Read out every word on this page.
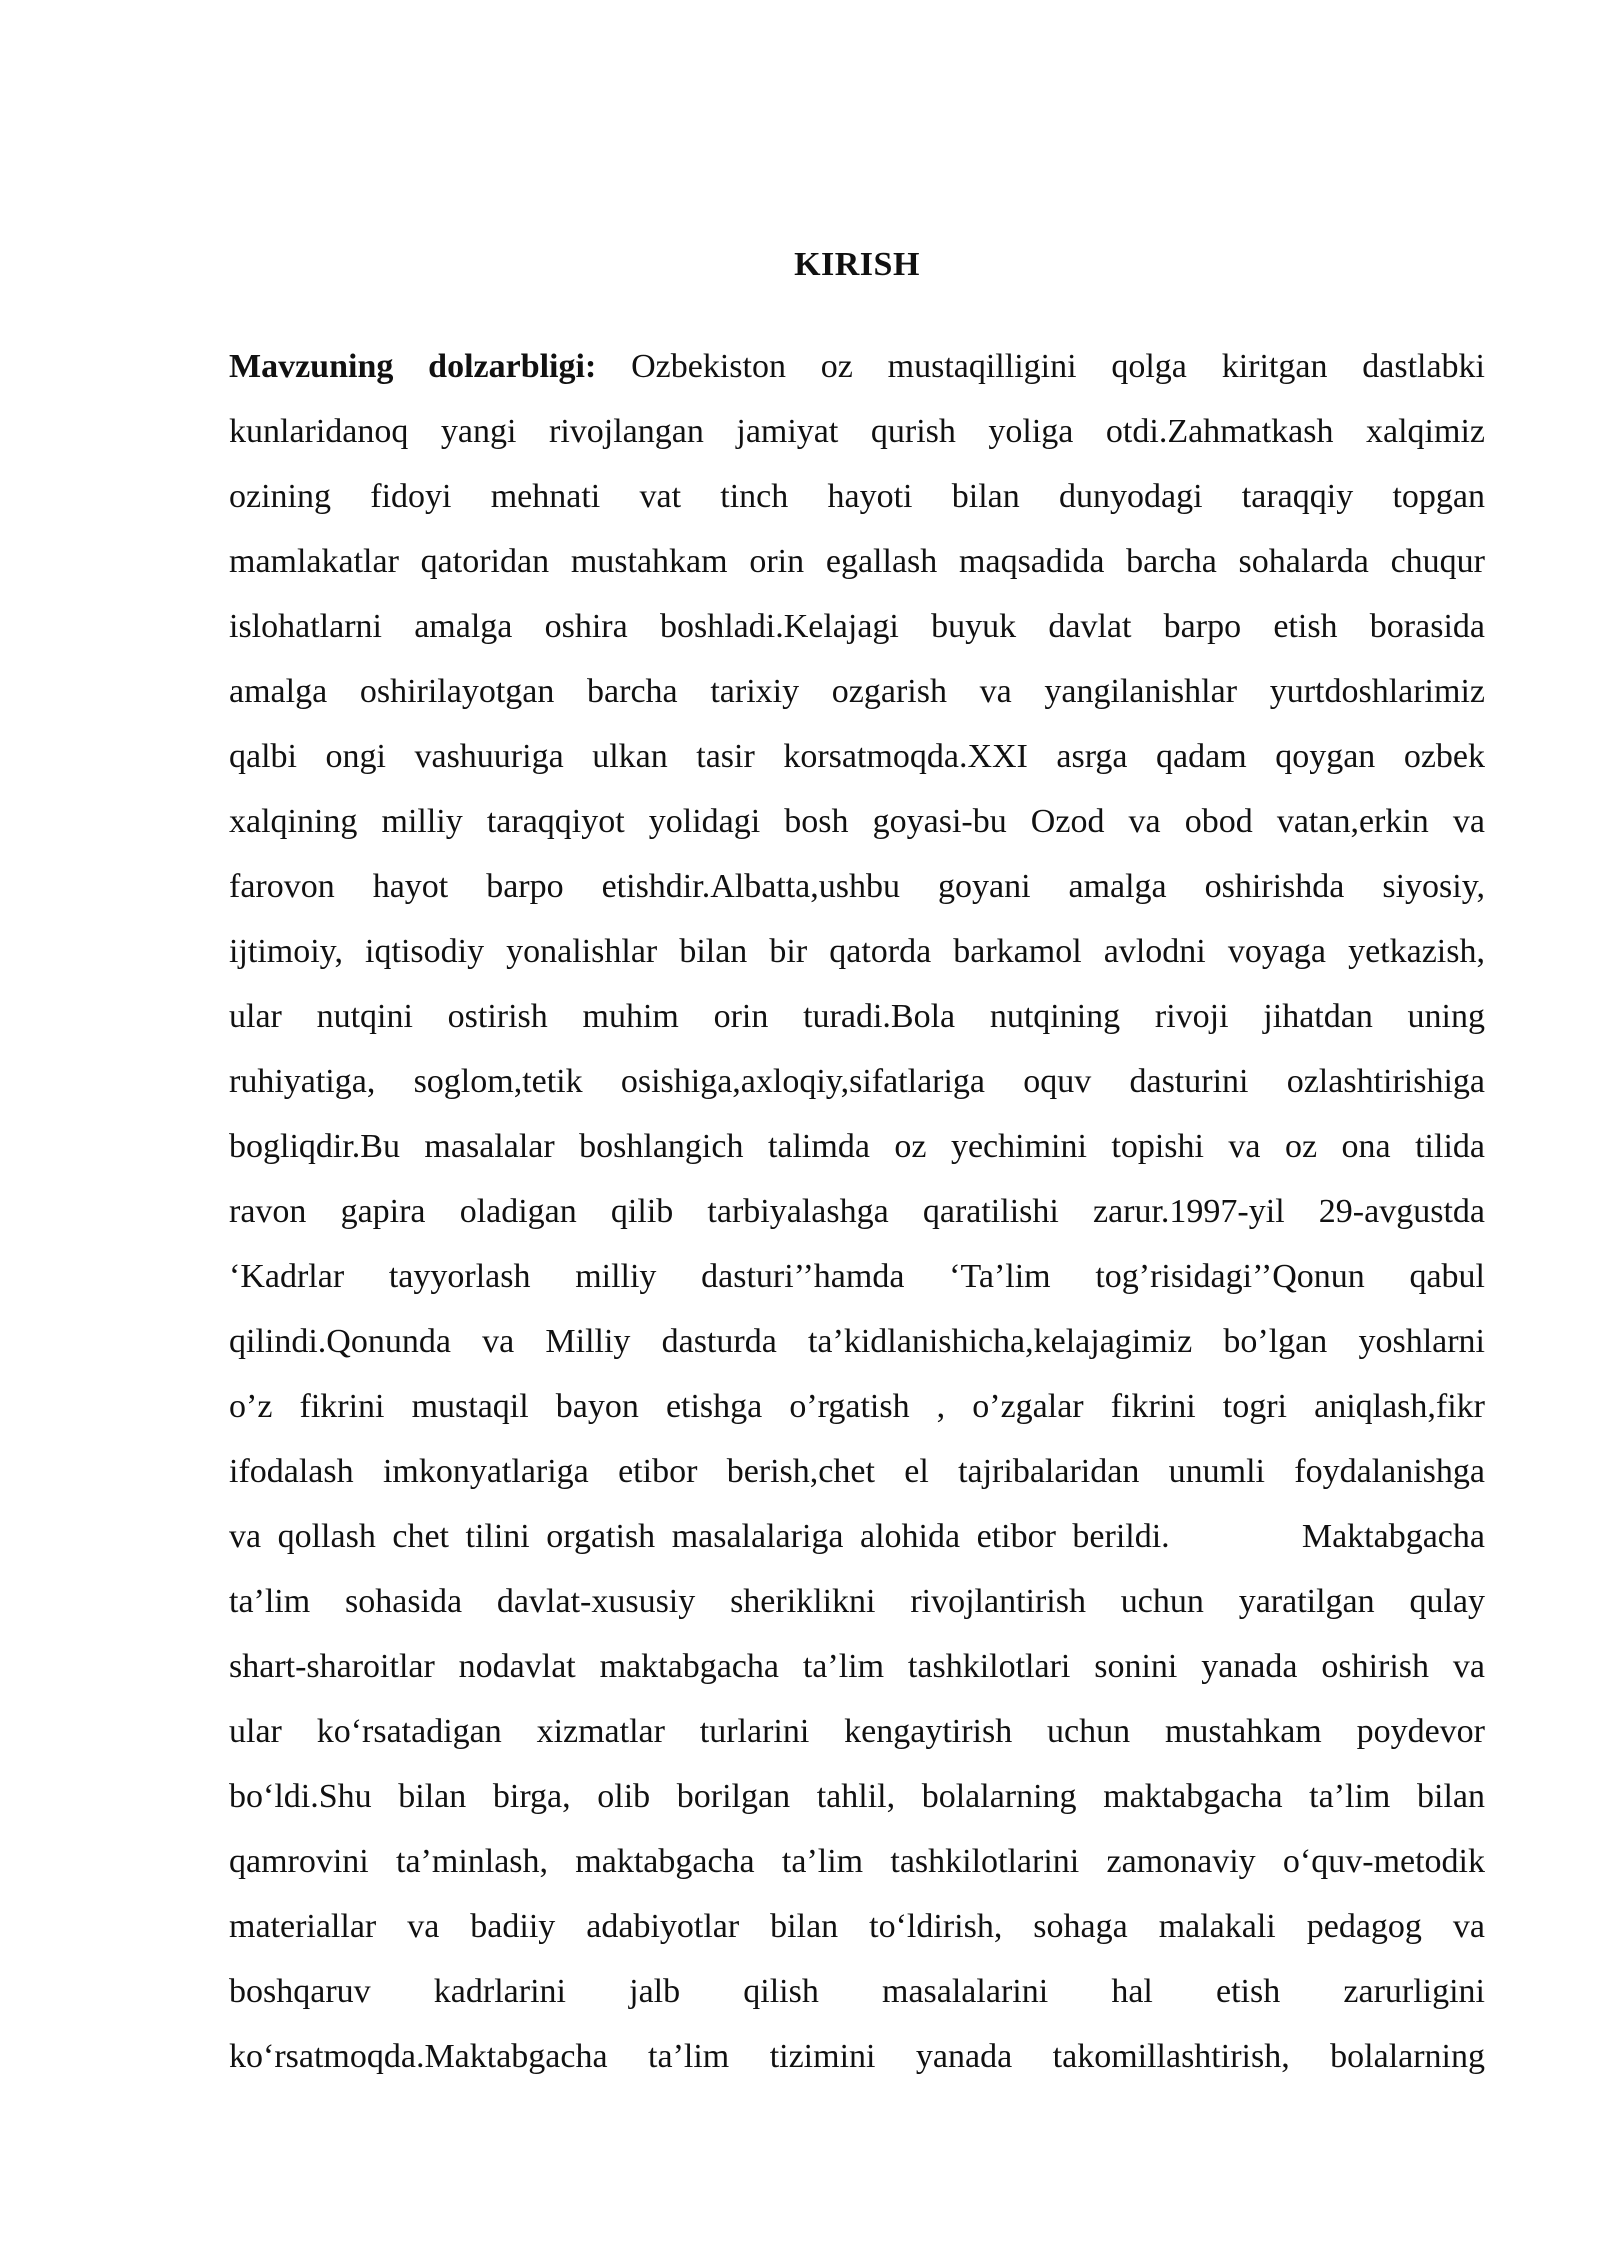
KIRISH
Mavzuning dolzarbligi: Ozbekiston oz mustaqilligini qolga kiritgan dastlabki
kunlaridanoq yangi rivojlangan jamiyat qurish yoliga otdi.Zahmatkash xalqimiz
ozining fidoyi mehnati vat tinch hayoti bilan dunyodagi taraqqiy topgan
mamlakatlar qatoridan mustahkam orin egallash maqsadida barcha sohalarda chuqur
islohatlarni amalga oshira boshladi.Kelajagi buyuk davlat barpo etish borasida
amalga oshirilayotgan barcha tarixiy ozgarish va yangilanishlar yurtdoshlarimiz
qalbi ongi vashuuriga ulkan tasir korsatmoqda.XXI asrga qadam qoygan ozbek
xalqining milliy taraqqiyot yolidagi bosh goyasi-bu Ozod va obod vatan,erkin va
farovon hayot barpo etishdir.Albatta,ushbu goyani amalga oshirishda siyosiy,
ijtimoiy, iqtisodiy yonalishlar bilan bir qatorda barkamol avlodni voyaga yetkazish,
ular nutqini ostirish muhim orin turadi.Bola nutqining rivoji jihatdan uning
ruhiyatiga, soglom,tetik osishiga,axloqiy,sifatlariga oquv dasturini ozlashtirishiga
bogliqdir.Bu masalalar boshlangich talimda oz yechimini topishi va oz ona tilida
ravon gapira oladigan qilib tarbiyalashga qaratilishi zarur.1997-yil 29-avgustda
‘Kadrlar tayyorlash milliy dasturi’’hamda ‘Ta’lim tog’risidagi’’Qonun qabul
qilindi.Qonunda va Milliy dasturda ta’kidlanishicha,kelajagimiz bo’lgan yoshlarni
o’z fikrini mustaqil bayon etishga o’rgatish , o’zgalar fikrini togri aniqlash,fikr
ifodalash imkonyatlariga etibor berish,chet el tajribalaridan unumli foydalanishga
va qollash chet tilini orgatish masalalariga alohida etibor berildi.        Maktabgacha
ta’lim sohasida davlat-xususiy sheriklikni rivojlantirish uchun yaratilgan qulay
shart-sharoitlar nodavlat maktabgacha ta’lim tashkilotlari sonini yanada oshirish va
ular ko‘rsatadigan xizmatlar turlarini kengaytirish uchun mustahkam poydevor
bo‘ldi.Shu bilan birga, olib borilgan tahlil, bolalarning maktabgacha ta’lim bilan
qamrovini ta’minlash, maktabgacha ta’lim tashkilotlarini zamonaviy o‘quv-metodik
materiallar va badiiy adabiyotlar bilan to‘ldirish, sohaga malakali pedagog va
boshqaruv kadrlarini jalb qilish masalalarini hal etish zarurligini
ko‘rsatmoqda.Maktabgacha ta’lim tizimini yanada takomillashtirish, bolalarning
